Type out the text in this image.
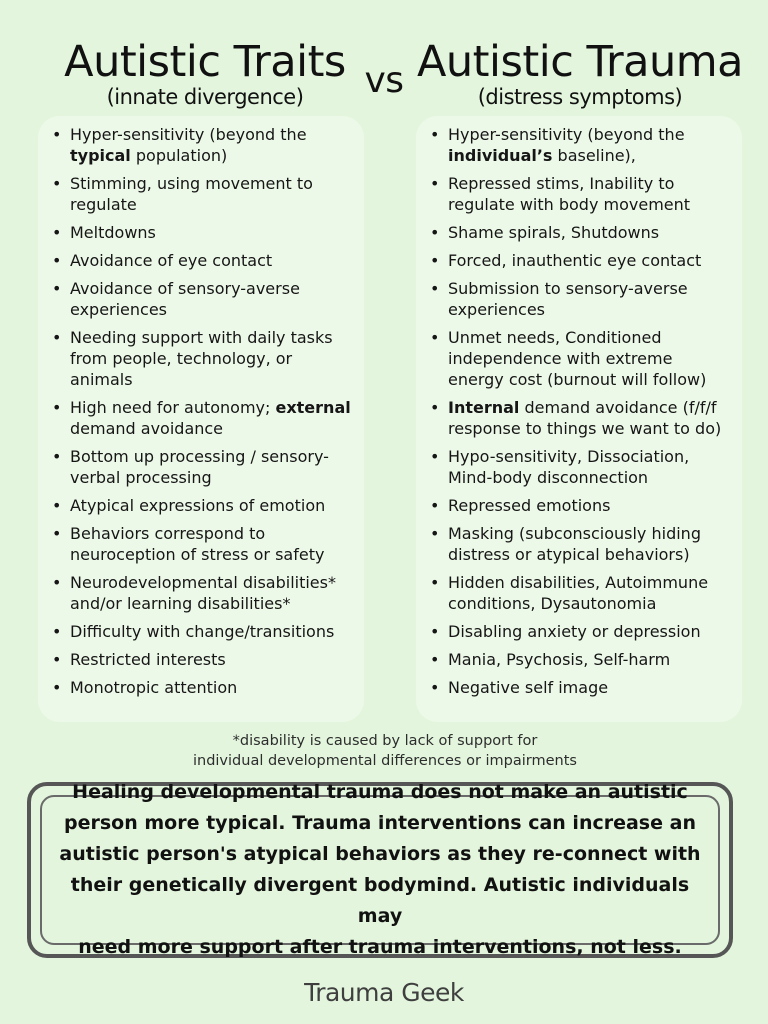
Autistic Traits
(innate divergence)	vs Autistic Trauma
(distress symptoms)
• Hyper-sensitivity (beyond the
typical population)
• Stimming, using movement to
regulate
• Meltdowns
• Avoidance of eye contact
• Avoidance of sensory-averse
experiences
• Needing support with daily tasks
from people, technology, or
animals
• High need for autonomy; external
demand avoidance
• Bottom up processing / sensory-
verbal processing
• Atypical expressions of emotion
• Behaviors correspond to
neuroception of stress or safety
• Neurodevelopmental disabilities*
and/or learning disabilities*
• Difficulty with change/transitions
• Restricted interests
• Monotropic attention
• Hyper-sensitivity (beyond the
individual’s baseline),
• Repressed stims, Inability to
regulate with body movement
• Shame spirals, Shutdowns
• Forced, inauthentic eye contact
• Submission to sensory-averse
experiences
• Unmet needs, Conditioned
independence with extreme
energy cost (burnout will follow)
• Internal demand avoidance (f/f/f
response to things we want to do)
• Hypo-sensitivity, Dissociation,
Mind-body disconnection
• Repressed emotions
• Masking (subconsciously hiding
distress or atypical behaviors)
• Hidden disabilities, Autoimmune
conditions, Dysautonomia
• Disabling anxiety or depression
• Mania, Psychosis, Self-harm
• Negative self image
*disability is caused by lack of support for
individual developmental differences or impairments
Healing developmental trauma does not make an autistic
person more typical. Trauma interventions can increase an
autistic person's atypical behaviors as they re-connect with
their genetically divergent bodymind. Autistic individuals may
need more support after trauma interventions, not less.
Trauma Geek
